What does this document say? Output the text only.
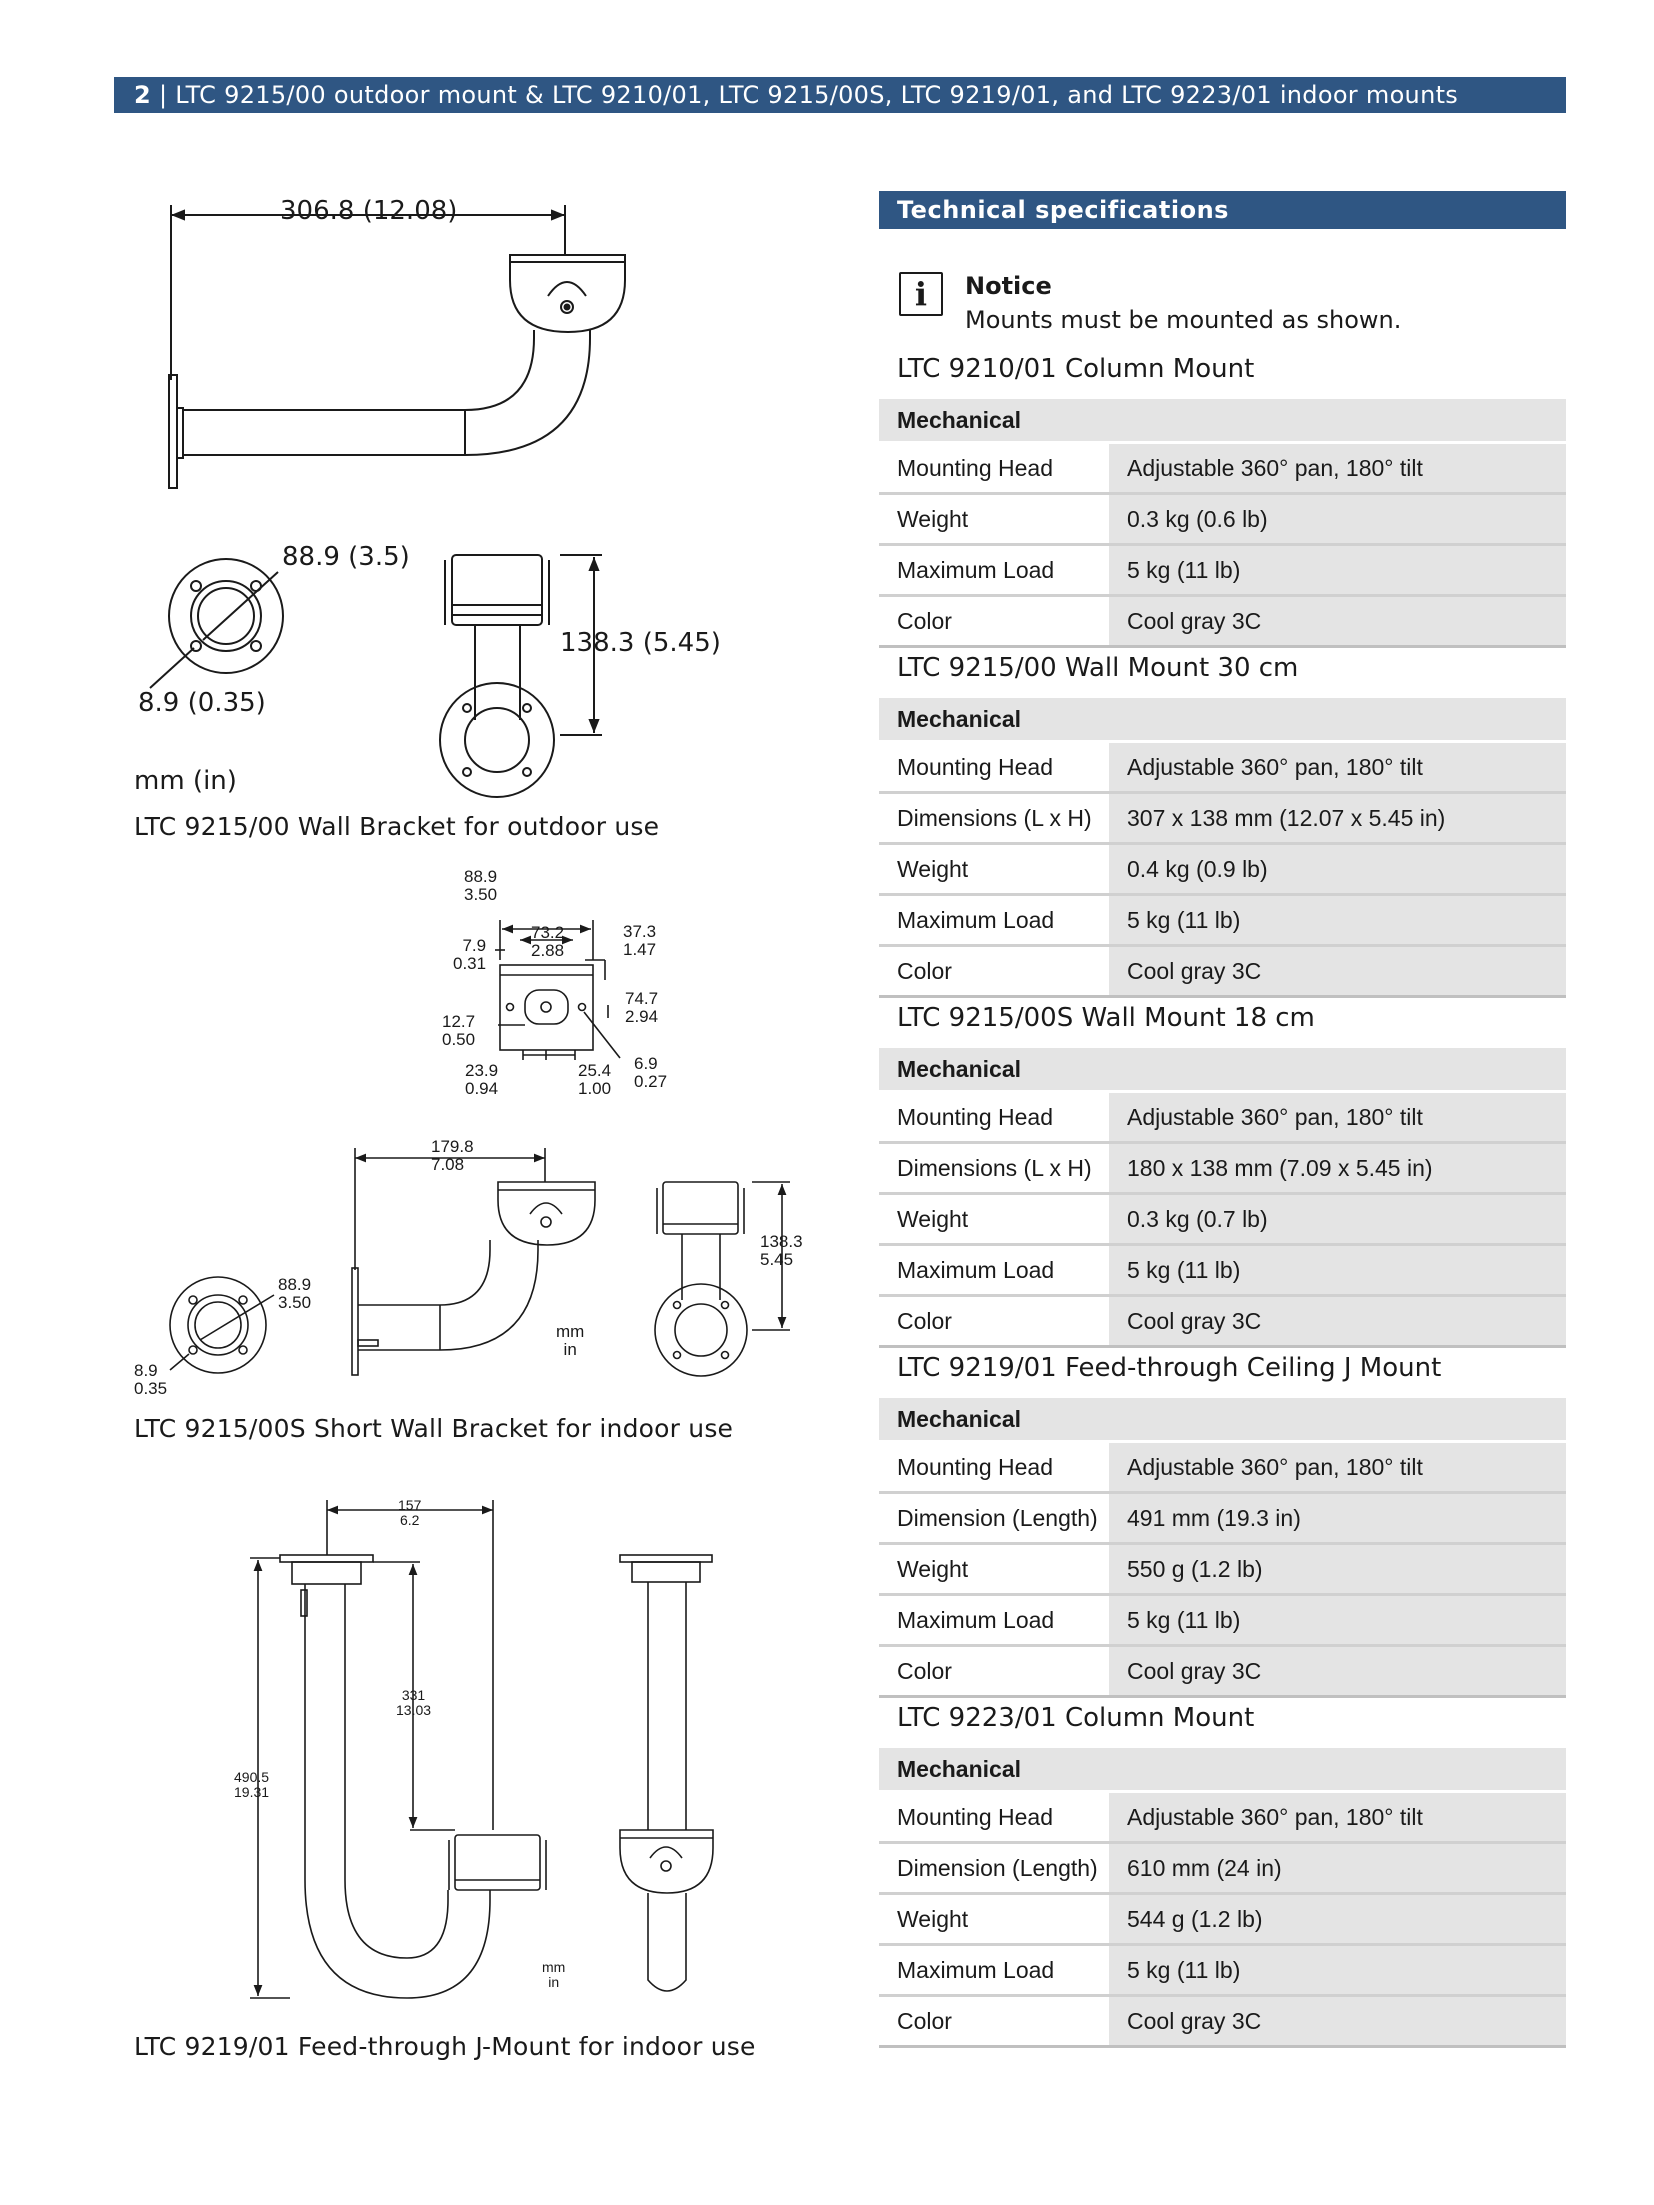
2 | LTC 9215/00 outdoor mount & LTC 9210/01, LTC 9215/00S, LTC 9219/01, and LTC 9223/01 indoor mounts
306.8 (12.08)
88.9 (3.5)
8.9 (0.35)
138.3 (5.45)
mm (in)
LTC 9215/00 Wall Bracket for outdoor use
88.9
3.50
73.2
2.88
37.3
1.47
7.9
0.31
74.7
2.94
12.7
0.50
23.9
0.94
25.4
1.00
6.9
0.27
179.8
7.08
88.9
3.50
8.9
0.35
138.3
5.45
mm
in
LTC 9215/00S Short Wall Bracket for indoor use
157
6.2
331
13.03
490.5
19.31
mm
in
LTC 9219/01 Feed-through J-Mount for indoor use
Technical specifications
i	Notice
Mounts must be mounted as shown.
LTC 9210/01 Column Mount
Mechanical	
Mounting Head	Adjustable 360° pan, 180° tilt
Weight	0.3 kg (0.6 lb)
Maximum Load	5 kg (11 lb)
Color	Cool gray 3C
LTC 9215/00 Wall Mount 30 cm
Mechanical	
Mounting Head	Adjustable 360° pan, 180° tilt
Dimensions (L x H)	307 x 138 mm (12.07 x 5.45 in)
Weight	0.4 kg (0.9 lb)
Maximum Load	5 kg (11 lb)
Color	Cool gray 3C
LTC 9215/00S Wall Mount 18 cm
Mechanical	
Mounting Head	Adjustable 360° pan, 180° tilt
Dimensions (L x H)	180 x 138 mm (7.09 x 5.45 in)
Weight	0.3 kg (0.7 lb)
Maximum Load	5 kg (11 lb)
Color	Cool gray 3C
LTC 9219/01 Feed-through Ceiling J Mount
Mechanical	
Mounting Head	Adjustable 360° pan, 180° tilt
Dimension (Length)	491 mm (19.3 in)
Weight	550 g (1.2 lb)
Maximum Load	5 kg (11 lb)
Color	Cool gray 3C
LTC 9223/01 Column Mount
Mechanical	
Mounting Head	Adjustable 360° pan, 180° tilt
Dimension (Length)	610 mm (24 in)
Weight	544 g (1.2 lb)
Maximum Load	5 kg (11 lb)
Color	Cool gray 3C
